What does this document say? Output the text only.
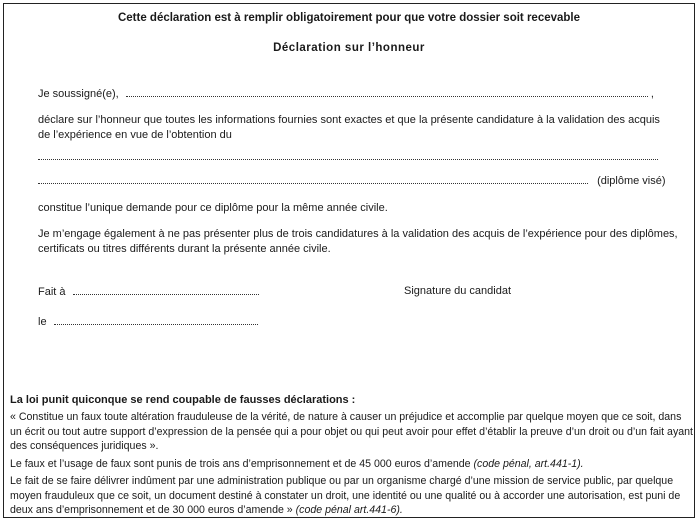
Cette déclaration est à remplir obligatoirement pour que votre dossier soit recevable
Déclaration sur l’honneur
Je soussigné(e),	,
déclare sur l’honneur que toutes les informations fournies sont exactes et que la présente candidature à la validation des acquis de l’expérience en vue de l’obtention du
(diplôme visé)
constitue l’unique demande pour ce diplôme pour la même année civile.
Je m’engage également à ne pas présenter plus de trois candidatures à la validation des acquis de l’expérience pour des diplômes, certificats ou titres différents durant la présente année civile.
Fait à	Signature du candidat
le
La loi punit quiconque se rend coupable de fausses déclarations :
« Constitue un faux toute altération frauduleuse de la vérité, de nature à causer un préjudice et accomplie par quelque moyen que ce soit, dans un écrit ou tout autre support d’expression de la pensée qui a pour objet ou qui peut avoir pour effet d’établir la preuve d’un droit ou d’un fait ayant des conséquences juridiques ».
Le faux et l’usage de faux sont punis de trois ans d’emprisonnement et de 45 000 euros d’amende (code pénal, art.441-1).
Le fait de se faire délivrer indûment par une administration publique ou par un organisme chargé d’une mission de service public, par quelque moyen frauduleux que ce soit, un document destiné à constater un droit, une identité ou une qualité ou à accorder une autorisation, est puni de deux ans d’emprisonnement et de 30 000 euros d’amende » (code pénal art.441-6).
